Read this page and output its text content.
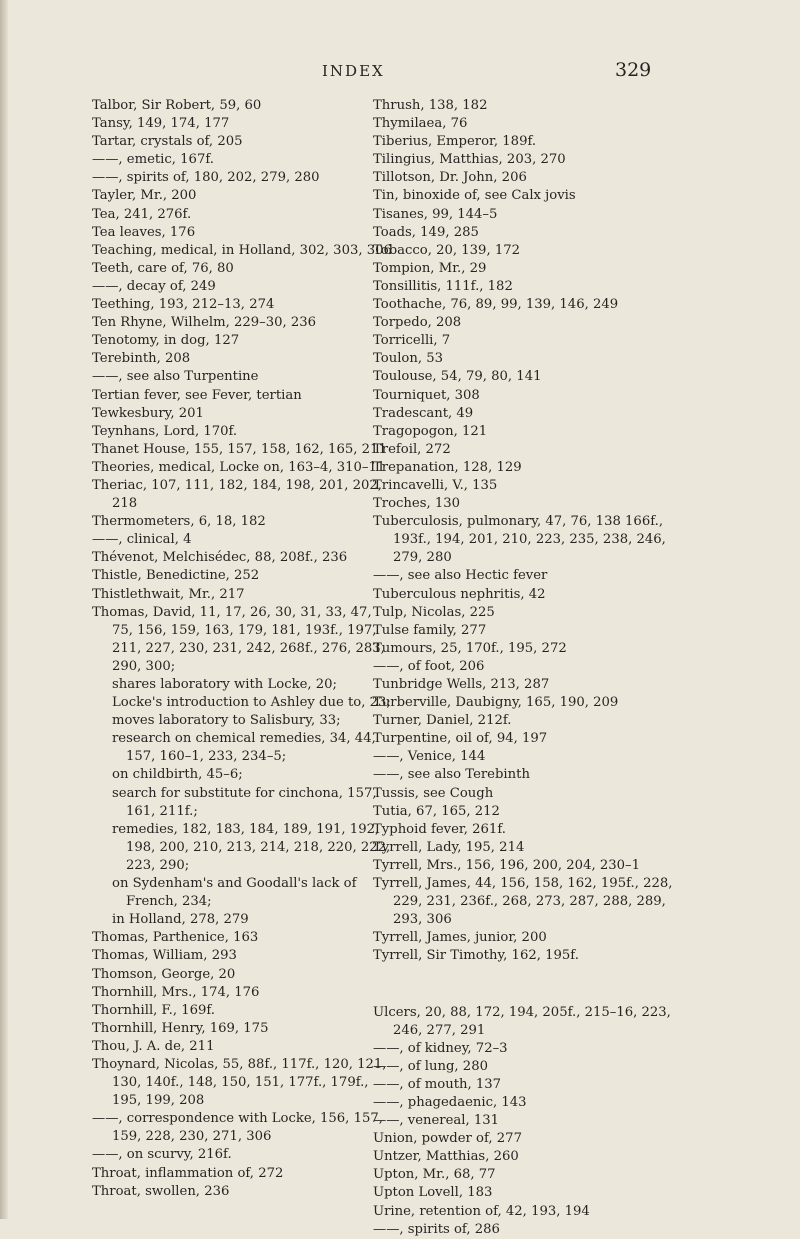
INDEX	329
Talbor, Sir Robert, 59, 60
Tansy, 149, 174, 177
Tartar, crystals of, 205
——, emetic, 167f.
——, spirits of, 180, 202, 279, 280
Tayler, Mr., 200
Tea, 241, 276f.
Tea leaves, 176
Teaching, medical, in Holland, 302, 303, 306
Teeth, care of, 76, 80
——, decay of, 249
Teething, 193, 212–13, 274
Ten Rhyne, Wilhelm, 229–30, 236
Tenotomy, in dog, 127
Terebinth, 208
——, see also Turpentine
Tertian fever, see Fever, tertian
Tewkesbury, 201
Teynhans, Lord, 170f.
Thanet House, 155, 157, 158, 162, 165, 211
Theories, medical, Locke on, 163–4, 310–11
Theriac, 107, 111, 182, 184, 198, 201, 202, 218
Thermometers, 6, 18, 182
——, clinical, 4
Thévenot, Melchisédec, 88, 208f., 236
Thistle, Benedictine, 252
Thistlethwait, Mr., 217
Thomas, David, 11, 17, 26, 30, 31, 33, 47, 75, 156, 159, 163, 179, 181, 193f., 197, 211, 227, 230, 231, 242, 268f., 276, 283, 290, 300;
shares laboratory with Locke, 20;
Locke's introduction to Ashley due to, 23;
moves laboratory to Salisbury, 33;
research on chemical remedies, 34, 44, 157, 160–1, 233, 234–5;
on childbirth, 45–6;
search for substitute for cinchona, 157, 161, 211f.;
remedies, 182, 183, 184, 189, 191, 192, 198, 200, 210, 213, 214, 218, 220, 222, 223, 290;
on Sydenham's and Goodall's lack of French, 234;
in Holland, 278, 279
Thomas, Parthenice, 163
Thomas, William, 293
Thomson, George, 20
Thornhill, Mrs., 174, 176
Thornhill, F., 169f.
Thornhill, Henry, 169, 175
Thou, J. A. de, 211
Thoynard, Nicolas, 55, 88f., 117f., 120, 121, 130, 140f., 148, 150, 151, 177f., 179f., 195, 199, 208
——, correspondence with Locke, 156, 157, 159, 228, 230, 271, 306
——, on scurvy, 216f.
Throat, inflammation of, 272
Throat, swollen, 236
Thrush, 138, 182
Thymilaea, 76
Tiberius, Emperor, 189f.
Tilingius, Matthias, 203, 270
Tillotson, Dr. John, 206
Tin, binoxide of, see Calx jovis
Tisanes, 99, 144–5
Toads, 149, 285
Tobacco, 20, 139, 172
Tompion, Mr., 29
Tonsillitis, 111f., 182
Toothache, 76, 89, 99, 139, 146, 249
Torpedo, 208
Torricelli, 7
Toulon, 53
Toulouse, 54, 79, 80, 141
Tourniquet, 308
Tradescant, 49
Tragopogon, 121
Trefoil, 272
Trepanation, 128, 129
Trincavelli, V., 135
Troches, 130
Tuberculosis, pulmonary, 47, 76, 138 166f., 193f., 194, 201, 210, 223, 235, 238, 246, 279, 280
——, see also Hectic fever
Tuberculous nephritis, 42
Tulp, Nicolas, 225
Tulse family, 277
Tumours, 25, 170f., 195, 272
——, of foot, 206
Tunbridge Wells, 213, 287
Turberville, Daubigny, 165, 190, 209
Turner, Daniel, 212f.
Turpentine, oil of, 94, 197
——, Venice, 144
——, see also Terebinth
Tussis, see Cough
Tutia, 67, 165, 212
Typhoid fever, 261f.
Tyrrell, Lady, 195, 214
Tyrrell, Mrs., 156, 196, 200, 204, 230–1
Tyrrell, James, 44, 156, 158, 162, 195f., 228, 229, 231, 236f., 268, 273, 287, 288, 289, 293, 306
Tyrrell, James, junior, 200
Tyrrell, Sir Timothy, 162, 195f.
Ulcers, 20, 88, 172, 194, 205f., 215–16, 223, 246, 277, 291
——, of kidney, 72–3
——, of lung, 280
——, of mouth, 137
——, phagedaenic, 143
——, venereal, 131
Union, powder of, 277
Untzer, Matthias, 260
Upton, Mr., 68, 77
Upton Lovell, 183
Urine, retention of, 42, 193, 194
——, spirits of, 286
